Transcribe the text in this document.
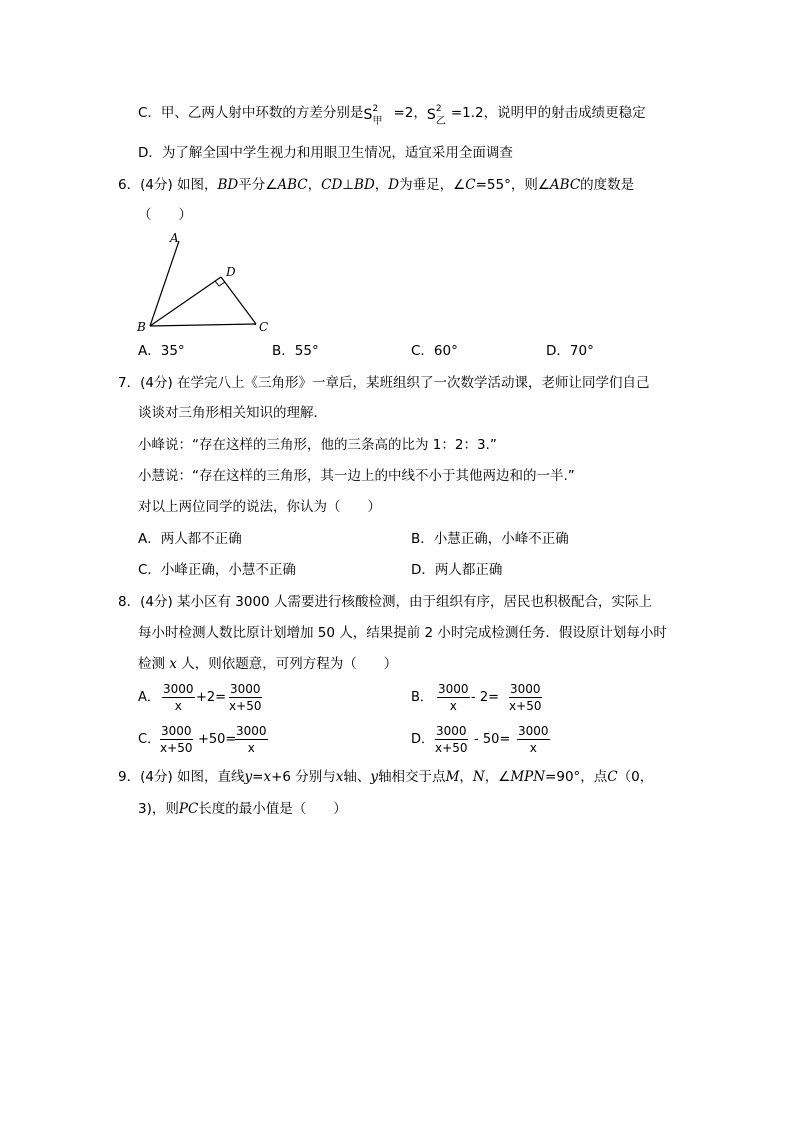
C．甲、乙两人射中环数的方差分别是 S 2
甲
=2， S 2
乙
=1.2，说明甲的射击成绩更稳定
D．为了解全国中学生视力和用眼卫生情况，适宜采用全面调查
6．(4分) 如图，BD平分∠ABC，CD⊥BD，D为垂足，∠C=55°，则∠ABC的度数是
（　　）
A
B
D
C
A．35°	B．55°	C．60°	D．70°
7．(4分) 在学完八上《三角形》一章后，某班组织了一次数学活动课，老师让同学们自己
谈谈对三角形相关知识的理解．
小峰说：“存在这样的三角形，他的三条高的比为 1：2：3.”
小慧说：“存在这样的三角形，其一边上的中线不小于其他两边和的一半.”
对以上两位同学的说法，你认为（　　）
A．两人都不正确	B．小慧正确，小峰不正确
C．小峰正确，小慧不正确	D．两人都正确
8．(4分) 某小区有 3000 人需要进行核酸检测，由于组织有序，居民也积极配合，实际上
每小时检测人数比原计划增加 50 人，结果提前 2 小时完成检测任务．假设原计划每小时
检测 x 人，则依题意，可列方程为（　　）
A． $\frac{3000}{x} +2= \frac{3000}{x+50}$	B． $\frac{3000}{x} - 2= \frac{3000}{x+50}$
C． $\frac{3000}{x+50} +50=$
$\frac{3000}{x}$	D． $\frac{3000}{x+50} - 50= \frac{3000}{x}$
9．(4分) 如图，直线y=x+6 分别与x轴、y轴相交于点M，N，∠MPN=90°，点C（0，
3)，则PC长度的最小值是（　　）
